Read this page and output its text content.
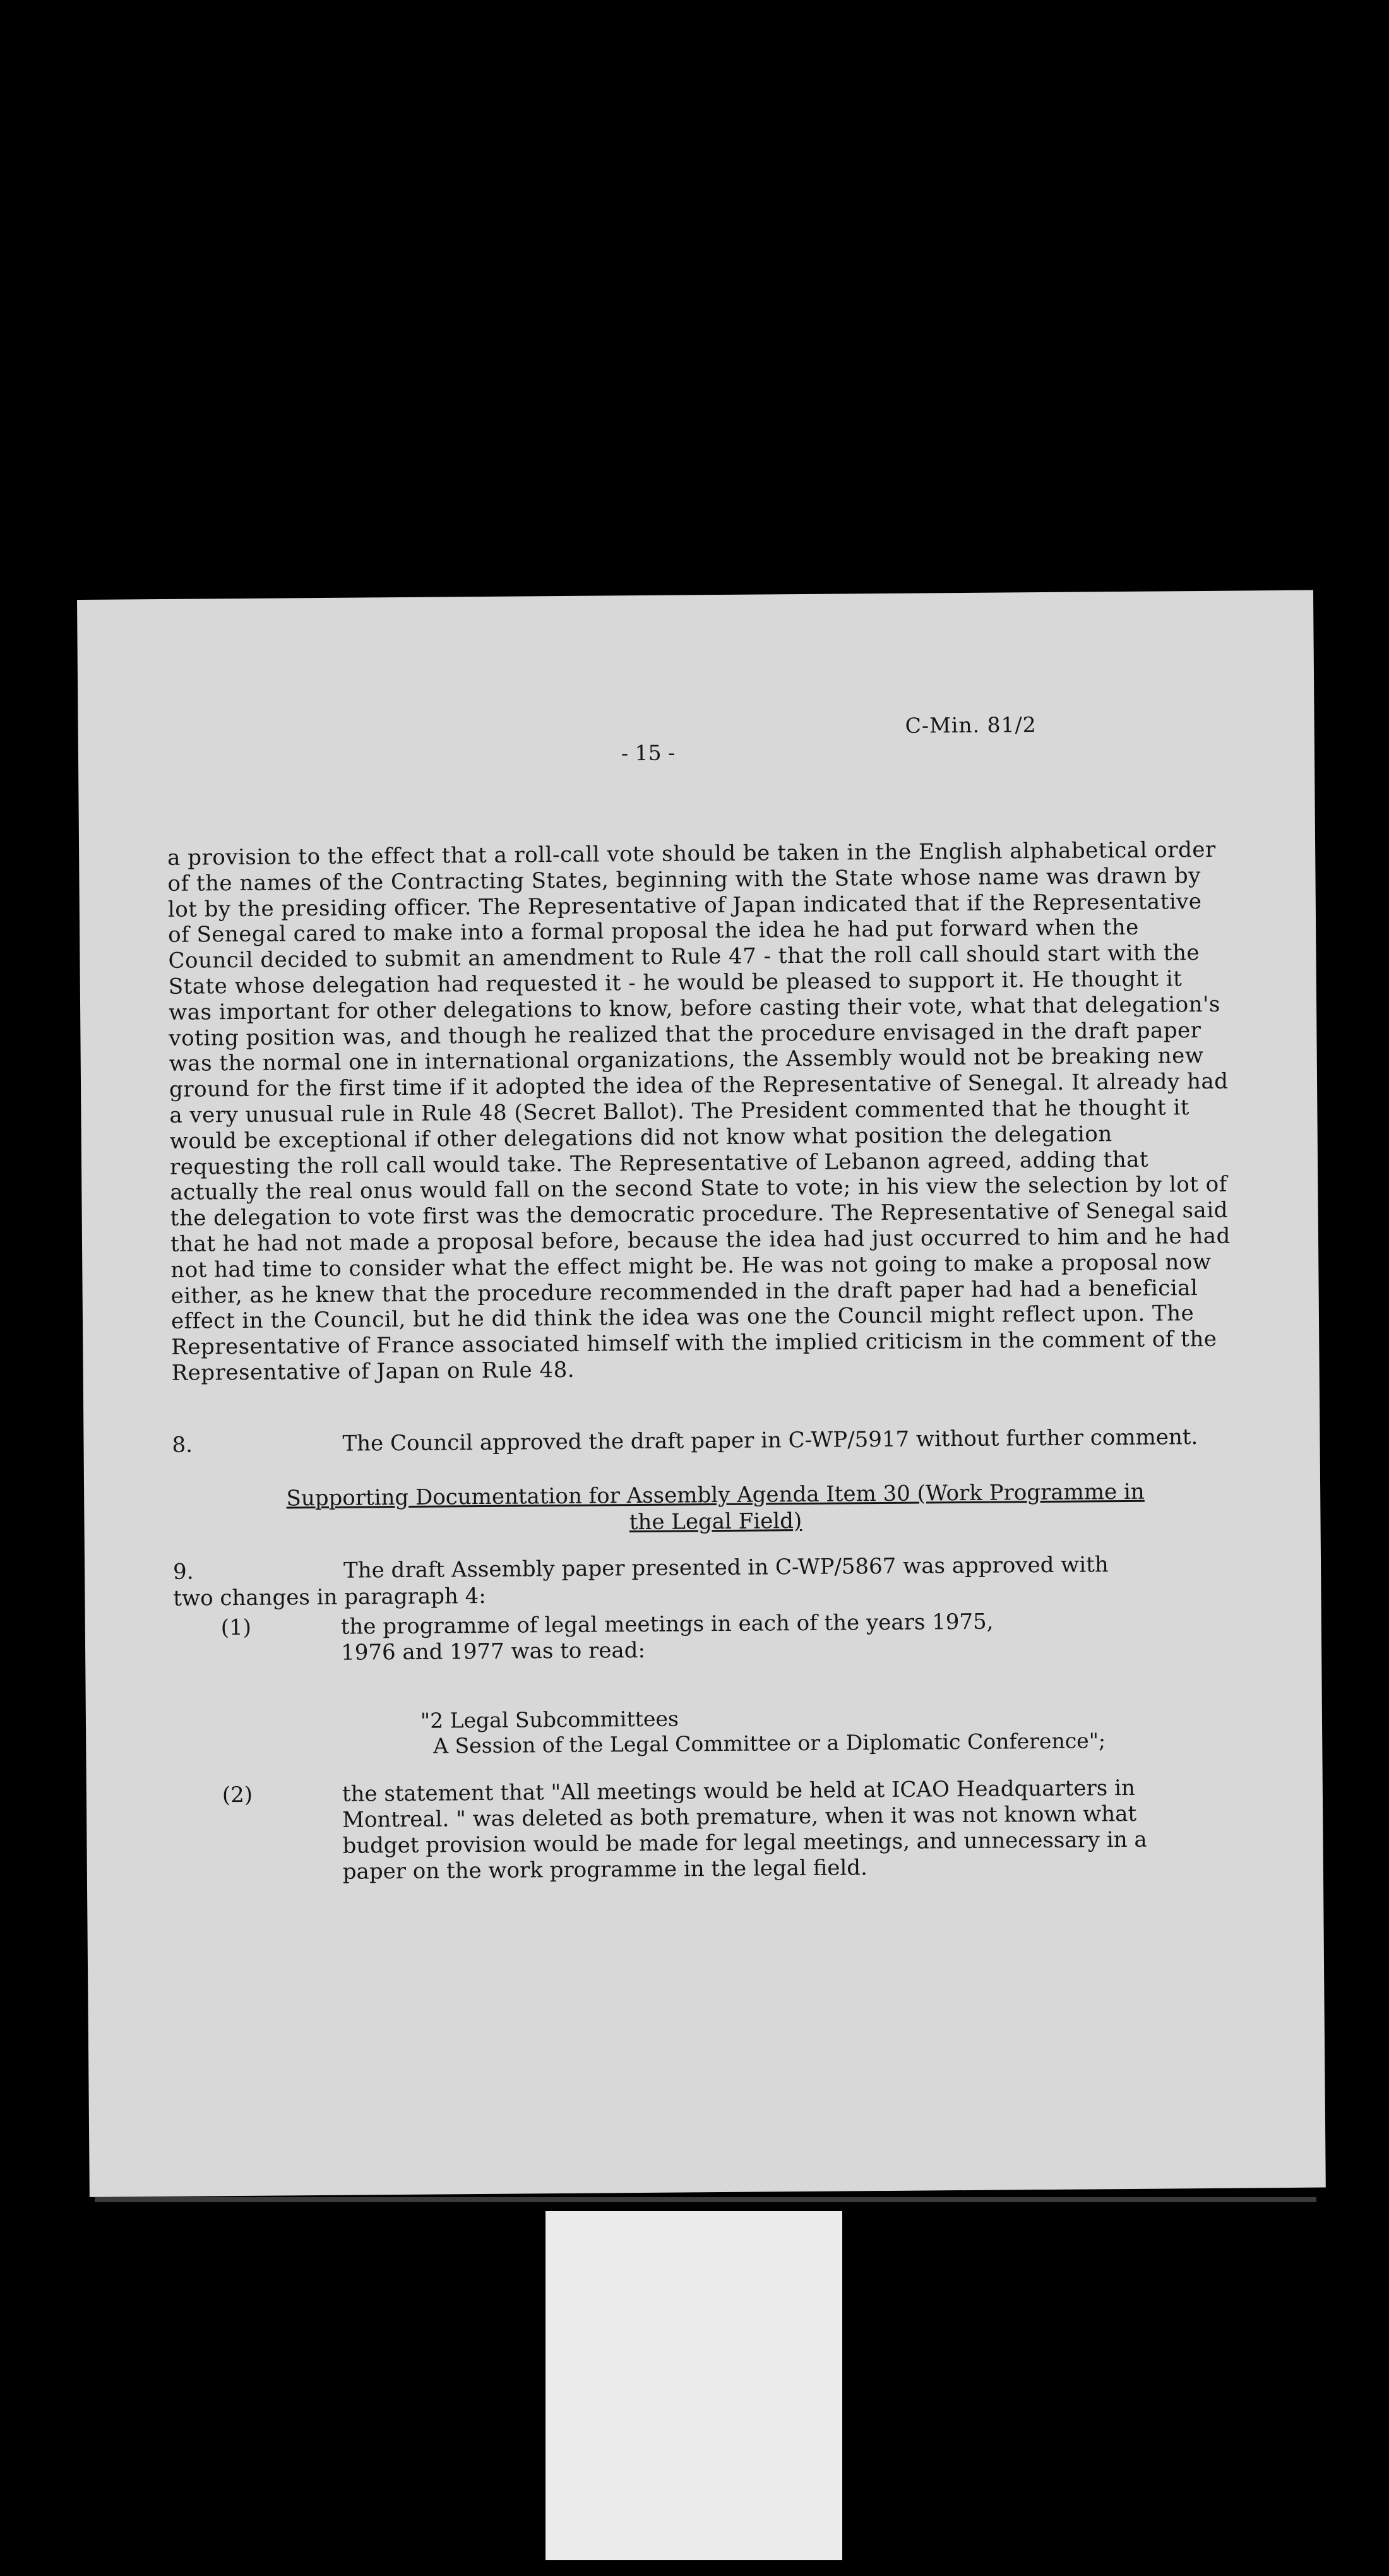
C-Min. 81/2
- 15 -
a provision to the effect that a roll-call vote should be taken in the English alphabetical order of the names of the Contracting States, beginning with the State whose name was drawn by lot by the presiding officer. The Representative of Japan indicated that if the Representative of Senegal cared to make into a formal proposal the idea he had put forward when the Council decided to submit an amendment to Rule 47 - that the roll call should start with the State whose delegation had requested it - he would be pleased to support it. He thought it was important for other delegations to know, before casting their vote, what that delegation's voting position was, and though he realized that the procedure envisaged in the draft paper was the normal one in international organizations, the Assembly would not be breaking new ground for the first time if it adopted the idea of the Representative of Senegal. It already had a very unusual rule in Rule 48 (Secret Ballot). The President commented that he thought it would be exceptional if other delegations did not know what position the delegation requesting the roll call would take. The Representative of Lebanon agreed, adding that actually the real onus would fall on the second State to vote; in his view the selection by lot of the delegation to vote first was the democratic procedure. The Representative of Senegal said that he had not made a proposal before, because the idea had just occurred to him and he had not had time to consider what the effect might be. He was not going to make a proposal now either, as he knew that the procedure recommended in the draft paper had had a beneficial effect in the Council, but he did think the idea was one the Council might reflect upon. The Representative of France associated himself with the implied criticism in the comment of the Representative of Japan on Rule 48.
8.	The Council approved the draft paper in C-WP/5917 without further comment.
Supporting Documentation for Assembly Agenda Item 30 (Work Programme in
the Legal Field)
9.	The draft Assembly paper presented in C-WP/5867 was approved with
two changes in paragraph 4:
(1)	the programme of legal meetings in each of the years 1975, 1976 and 1977 was to read:
"2 Legal Subcommittees
A Session of the Legal Committee or a Diplomatic Conference";
(2)	the statement that "All meetings would be held at ICAO Headquarters in Montreal. " was deleted as both premature, when it was not known what budget provision would be made for legal meetings, and unnecessary in a paper on the work programme in the legal field.
